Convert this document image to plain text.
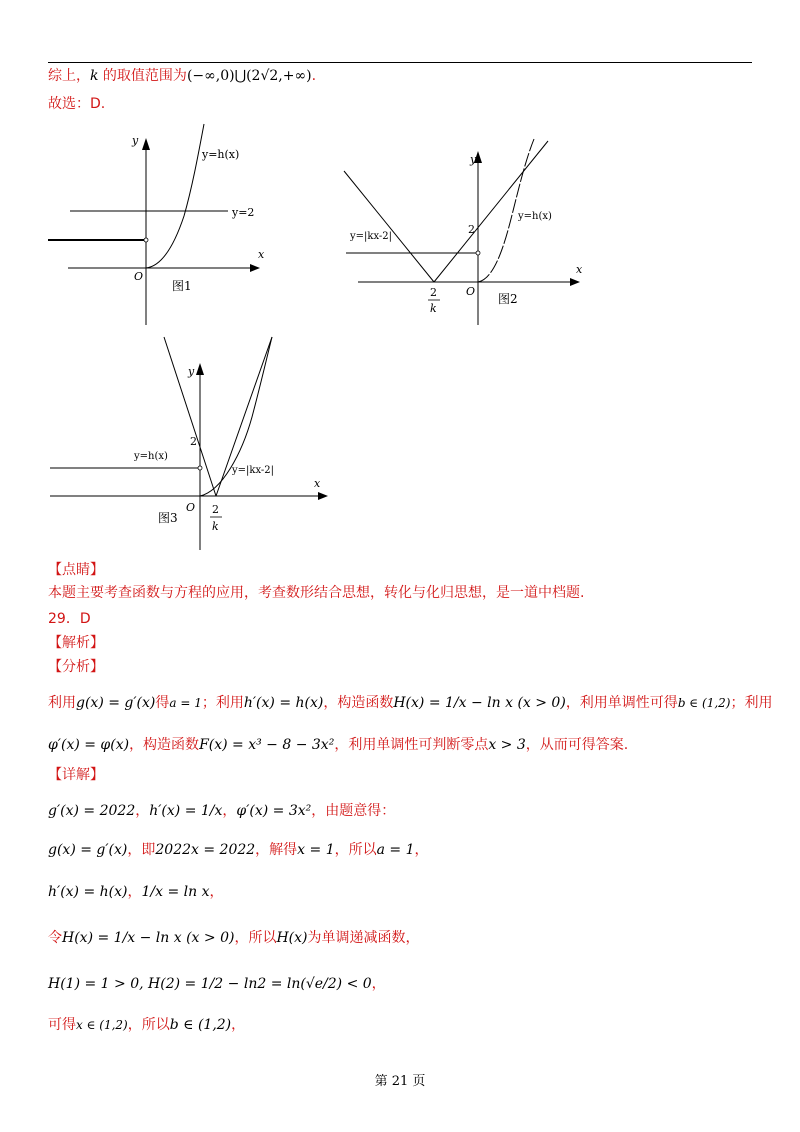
综上，k 的取值范围为(−∞,0)⋃(2√2,+∞).
故选：D.
y
x
O
y=h(x)
y=2
图1
y
x
O
y=|kx-2|
y=h(x)
2
2
k
图2
y
x
O
y=h(x)
y=|kx-2|
2
2
k
图3
【点睛】
本题主要考查函数与方程的应用，考查数形结合思想，转化与化归思想，是一道中档题.
29．D
【解析】
【分析】
利用g(x) = g′(x)得a = 1；利用h′(x) = h(x)，构造函数H(x) = 1/x − ln x (x > 0)，利用单调性可得b ∈ (1,2)；利用
φ′(x) = φ(x)，构造函数F(x) = x³ − 8 − 3x²，利用单调性可判断零点x > 3，从而可得答案.
【详解】
g′(x) = 2022，h′(x) = 1/x，φ′(x) = 3x²，由题意得：
g(x) = g′(x)，即2022x = 2022，解得x = 1，所以a = 1，
h′(x) = h(x)，1/x = ln x，
令H(x) = 1/x − ln x (x > 0)，所以H(x)为单调递减函数，
H(1) = 1 > 0, H(2) = 1/2 − ln2 = ln(√e/2) < 0，
可得x ∈ (1,2)，所以b ∈ (1,2)，
第 21 页
